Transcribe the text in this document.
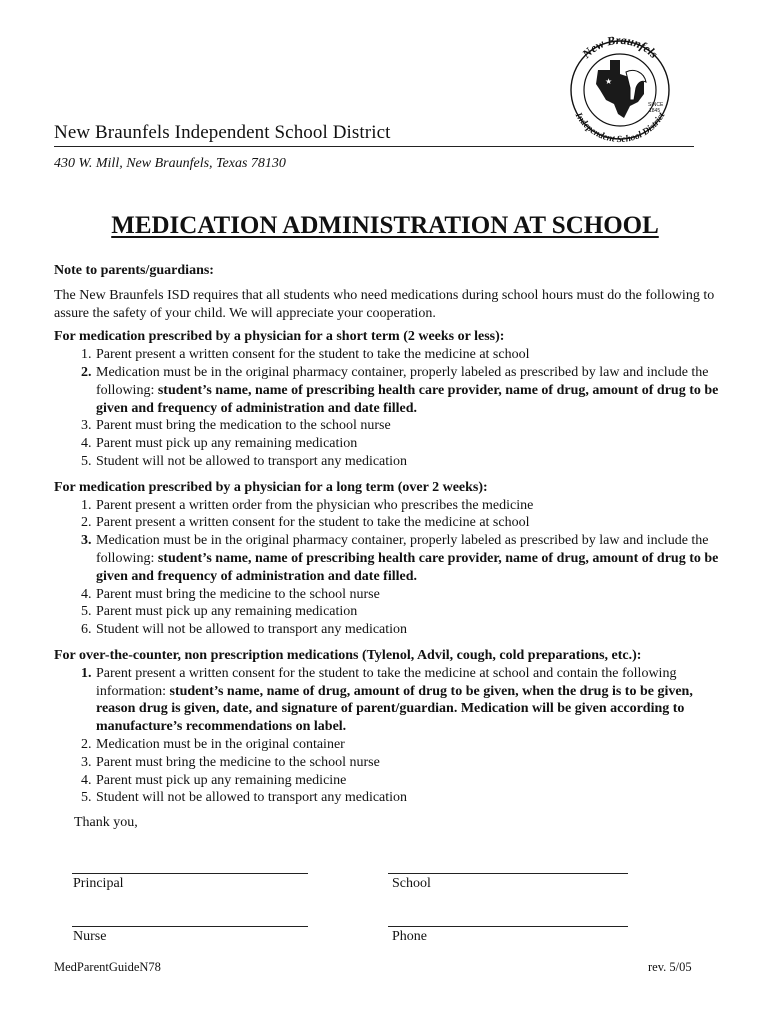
New Braunfels Independent School District
430 W. Mill, New Braunfels, Texas 78130
New Braunfels
Independent School District
★
SINCE
1845
MEDICATION ADMINISTRATION AT SCHOOL

Note to parents/guardians:

The New Braunfels ISD requires that all students who need medications during school hours must do the following to assure the safety of your child. We will appreciate your cooperation.

For medication prescribed by a physician for a short term (2 weeks or less):
1. Parent present a written consent for the student to take the medicine at school
2. Medication must be in the original pharmacy container, properly labeled as prescribed by law and include the following: student’s name, name of prescribing health care provider, name of drug, amount of drug to be given and frequency of administration and date filled.
3. Parent must bring the medication to the school nurse
4. Parent must pick up any remaining medication
5. Student will not be allowed to transport any medication
For medication prescribed by a physician for a long term (over 2 weeks):
1. Parent present a written order from the physician who prescribes the medicine
2. Parent present a written consent for the student to take the medicine at school
3. Medication must be in the original pharmacy container, properly labeled as prescribed by law and include the following: student’s name, name of prescribing health care provider, name of drug, amount of drug to be given and frequency of administration and date filled.
4. Parent must bring the medicine to the school nurse
5. Parent must pick up any remaining medication
6. Student will not be allowed to transport any medication
For over-the-counter, non prescription medications (Tylenol, Advil, cough, cold preparations, etc.):
1. Parent present a written consent for the student to take the medicine at school and contain the following information: student’s name, name of drug, amount of drug to be given, when the drug is to be given, reason drug is given, date, and signature of parent/guardian. Medication will be given according to manufacture’s recommendations on label.
2. Medication must be in the original container
3. Parent must bring the medicine to the school nurse
4. Parent must pick up any remaining medicine
5. Student will not be allowed to transport any medication
Thank you,
Principal	School
Nurse	Phone
MedParentGuideN78	rev. 5/05
